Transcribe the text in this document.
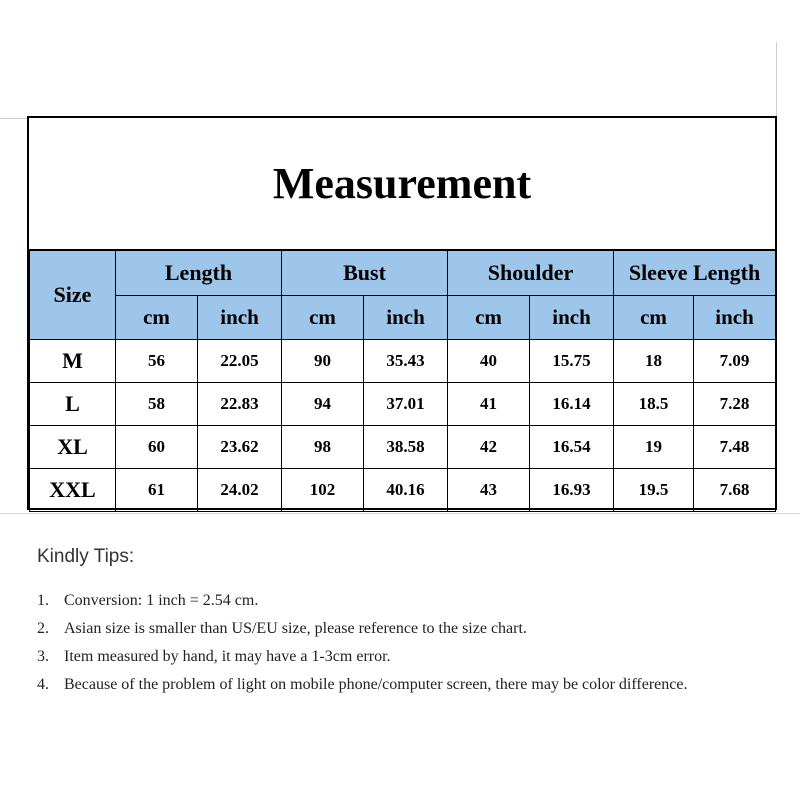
Measurement
Size	Length		Bust		Shoulder		Sleeve Length	
	cm	inch	cm	inch	cm	inch	cm	inch
M	56	22.05	90	35.43	40	15.75	18	7.09
L	58	22.83	94	37.01	41	16.14	18.5	7.28
XL	60	23.62	98	38.58	42	16.54	19	7.48
XXL	61	24.02	102	40.16	43	16.93	19.5	7.68
Kindly Tips:
1. Conversion: 1 inch = 2.54 cm.
2. Asian size is smaller than US/EU size, please reference to the size chart.
3. Item measured by hand, it may have a 1-3cm error.
4. Because of the problem of light on mobile phone/computer screen, there may be color difference.
